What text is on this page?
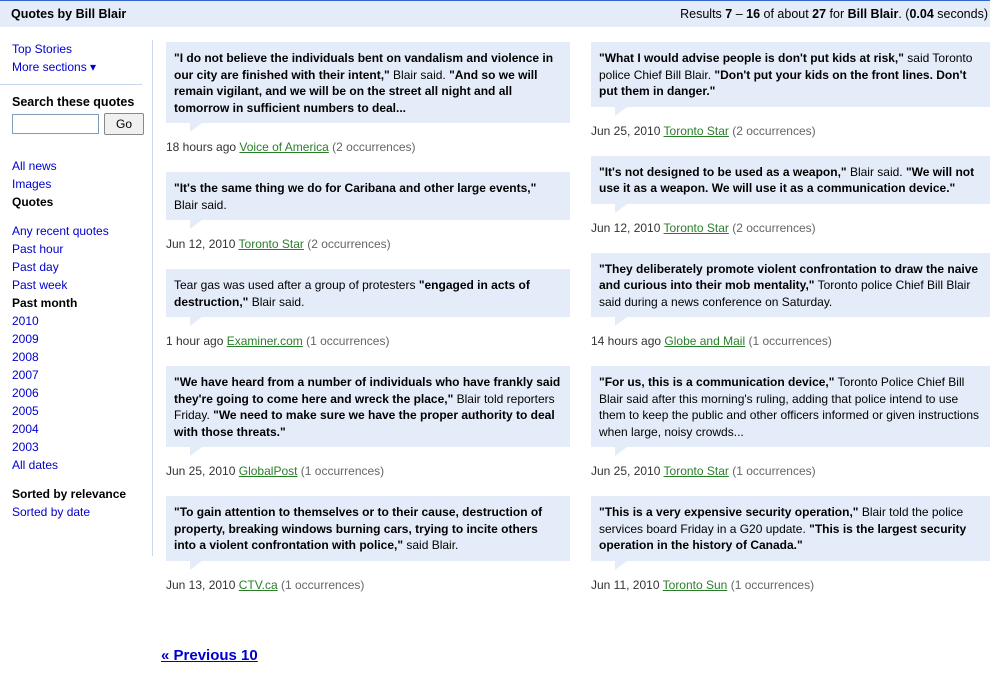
Quotes by Bill Blair	Results 7 – 16 of about 27 for Bill Blair. (0.04 seconds)
Top Stories
More sections ▾
Search these quotes
Go
All news
Images
Quotes
Any recent quotes
Past hour
Past day
Past week
Past month
2010
2009
2008
2007
2006
2005
2004
2003
All dates
Sorted by relevance
Sorted by date
"I do not believe the individuals bent on vandalism and violence in our city are finished with their intent," Blair said. "And so we will remain vigilant, and we will be on the street all night and all tomorrow in sufficient numbers to deal...
18 hours ago Voice of America (2 occurrences)
"It's the same thing we do for Caribana and other large events," Blair said.
Jun 12, 2010 Toronto Star (2 occurrences)
Tear gas was used after a group of protesters "engaged in acts of destruction," Blair said.
1 hour ago Examiner.com (1 occurrences)
"We have heard from a number of individuals who have frankly said they're going to come here and wreck the place," Blair told reporters Friday. "We need to make sure we have the proper authority to deal with those threats."
Jun 25, 2010 GlobalPost (1 occurrences)
"To gain attention to themselves or to their cause, destruction of property, breaking windows burning cars, trying to incite others into a violent confrontation with police," said Blair.
Jun 13, 2010 CTV.ca (1 occurrences)
"What I would advise people is don't put kids at risk," said Toronto police Chief Bill Blair. "Don't put your kids on the front lines. Don't put them in danger."
Jun 25, 2010 Toronto Star (2 occurrences)
"It's not designed to be used as a weapon," Blair said. "We will not use it as a weapon. We will use it as a communication device."
Jun 12, 2010 Toronto Star (2 occurrences)
"They deliberately promote violent confrontation to draw the naive and curious into their mob mentality," Toronto police Chief Bill Blair said during a news conference on Saturday.
14 hours ago Globe and Mail (1 occurrences)
"For us, this is a communication device," Toronto Police Chief Bill Blair said after this morning's ruling, adding that police intend to use them to keep the public and other officers informed or given instructions when large, noisy crowds...
Jun 25, 2010 Toronto Star (1 occurrences)
"This is a very expensive security operation," Blair told the police services board Friday in a G20 update. "This is the largest security operation in the history of Canada."
Jun 11, 2010 Toronto Sun (1 occurrences)
« Previous 10
